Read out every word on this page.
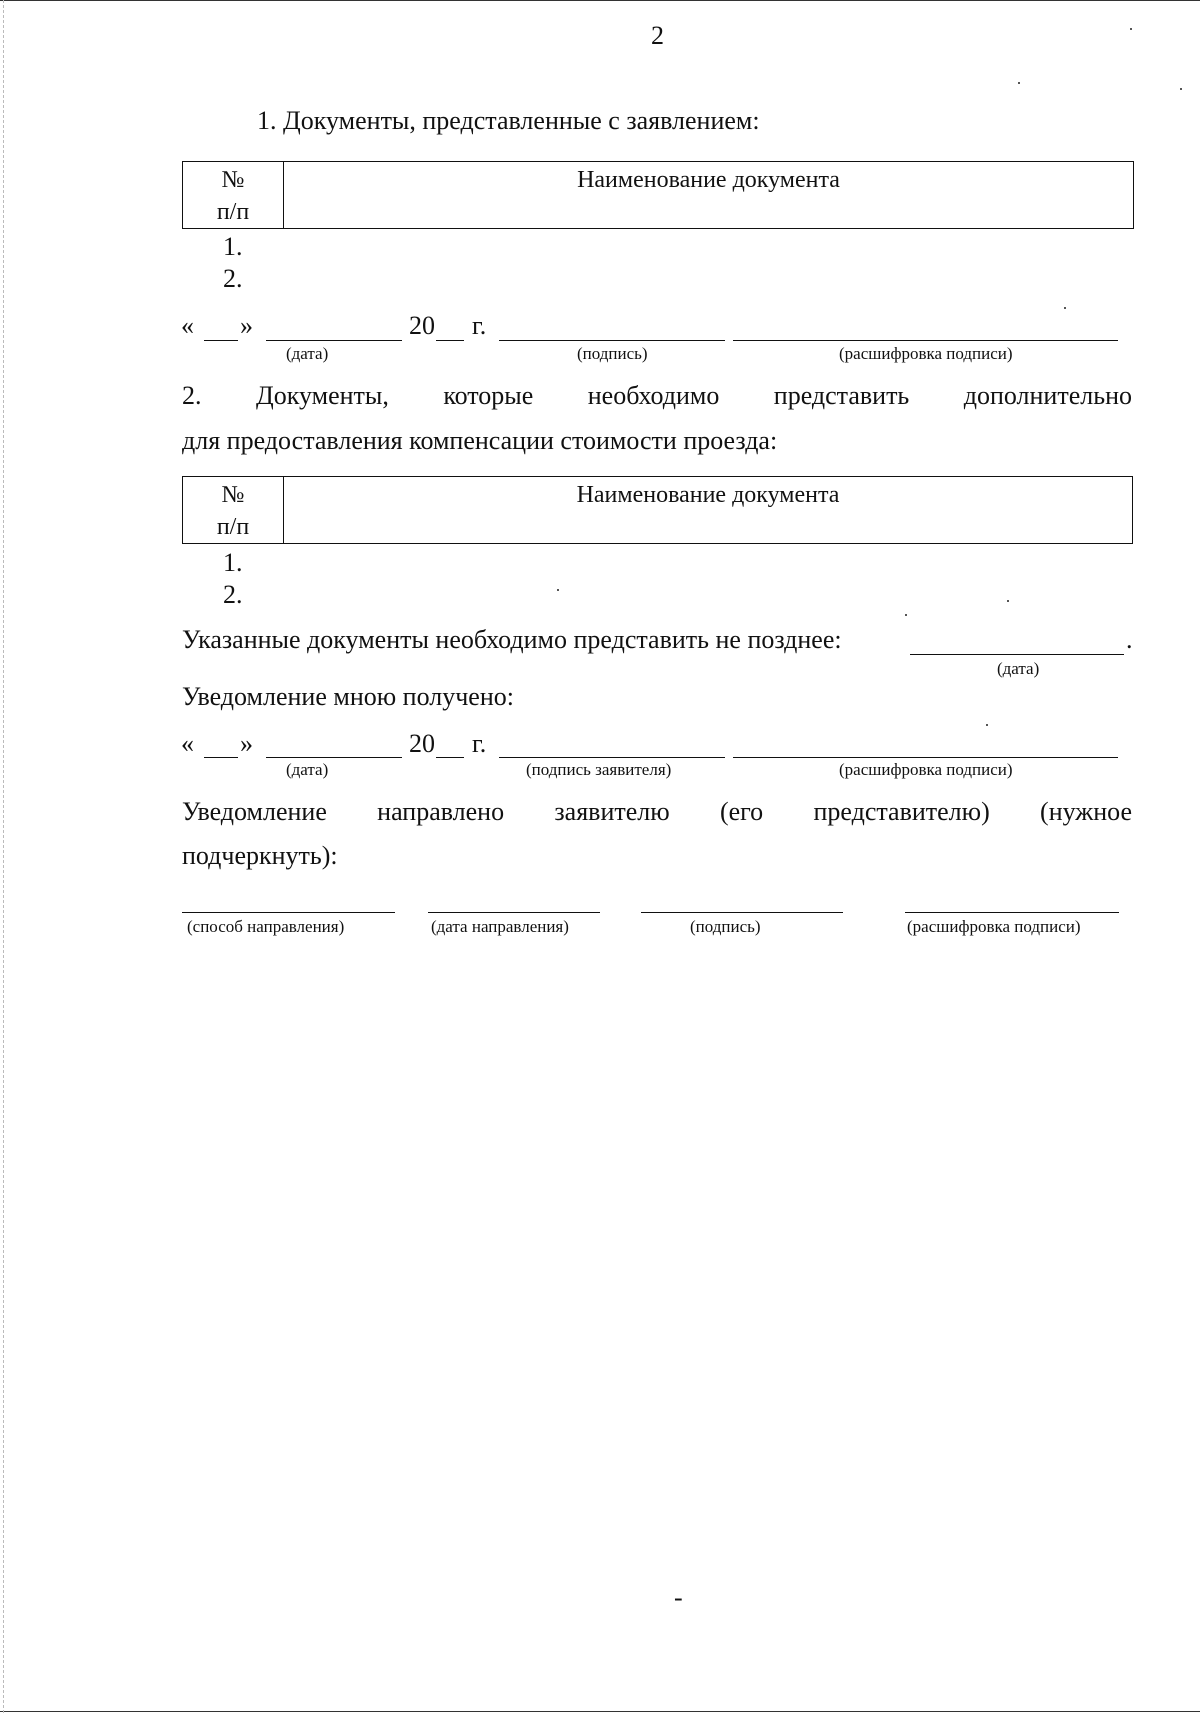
2
1. Документы, представленные с заявлением:
№
п/п
	Наименование документа
1.
2.
« »	20 г.
(дата)	(подпись)	(расшифровка подписи)
2. Документы, которые необходимо представить дополнительно
для предоставления компенсации стоимости проезда:
№
п/п
	Наименование документа
1.
2.
Указанные документы необходимо представить не позднее:	.
(дата)
Уведомление мною получено:
« »	20 г.
(дата)	(подпись заявителя)	(расшифровка подписи)
Уведомление направлено заявителю (его представителю) (нужное
подчеркнуть):
(способ направления)	(дата направления)	(подпись)	(расшифровка подписи)
-
